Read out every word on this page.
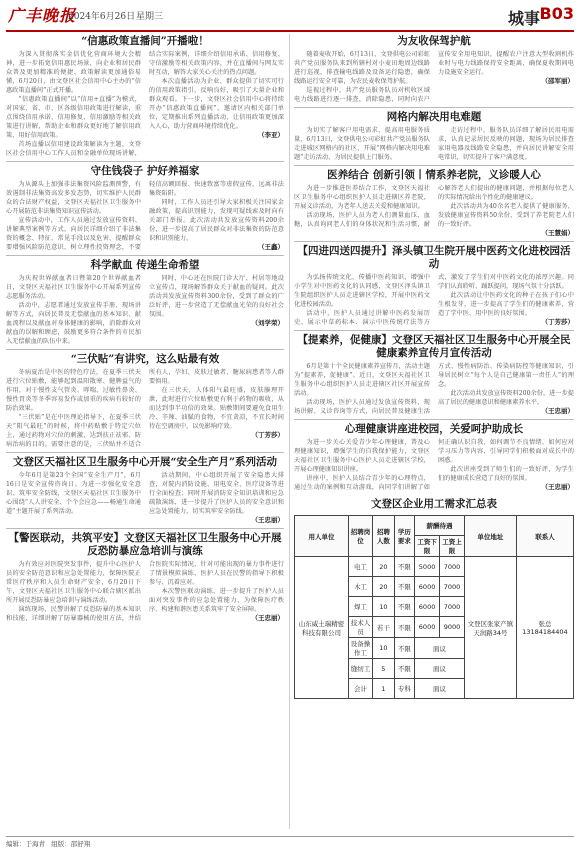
广丰晚报
2024年6月26日 星期三	城事 B03
“信惠政策直播间”开播啦！

为深入贯彻落实金信优化营商环境大会精神，进一步拓宽信用惠民场景，向企业和居民群众普及更加精准的便捷、政策解读更加通俗易懂，6月20日，由文登区社会信用中心主办的“信惠政策直播间”正式开播。

“信惠政策直播间”以“信用+直播”为模式，对国家、省、市、区各级信用政策进行解读，重点围绕信用承诺、信用修复、信用激励等相关政策进行讲解，帮助企业和群众更好地了解信用政策、用好信用政策。

首场直播以信用建设政策解读为主题，文登区社会信用中心工作人员和金融单位现场讲解，结合实际案例，详细介绍信用承诺、信用修复、守信激励等相关政策内容，并在直播间与网友实时互动，解答大家关心关注的热点问题。

本次直播活动为企业、群众提供了切实可行的信用政策指引，反响良好，吸引了大量企业和群众观看。下一步，文登区社会信用中心将持续开办“信惠政策直播间”，邀请区内相关部门单位，定期推出系列直播活动，让信用政策更加深入人心，助力营商环境持续优化。

（李亚）
守住钱袋子 护好养福家

为从源头上加强非法集资风险监测预警，有效遏制非法集资高发多发态势，切实维护人民群众的合法财产权益，文登区天福社区卫生服务中心开展防范非法集资知识宣传活动。

宣传活动中，工作人员通过发放宣传资料、讲解典型案例等方式，向居民详细介绍了非法集资的概念、特征、常见手段以及危害，提醒群众要增强风险防范意识，树立理性投资理念，不要轻信高额回报、快速致富等虚假宣传，远离非法集资陷阱。

同时，工作人员还引导大家积极关注国家金融政策，提高识别能力，发现可疑线索及时向有关部门举报。此次活动共发放宣传资料200余份，进一步提高了居民群众对非法集资的防范意识和识别能力。

（王鑫）
科学献血 传递生命希望

为庆祝世界献血者日暨第20个世界献血者日，文登区天福社区卫生服务中心开展系列宣传志愿服务活动。

活动中，志愿者通过发放宣传手册、现场讲解等方式，向居民普及无偿献血的基本知识、献血流程以及献血对身体健康的影响，消除群众对献血的误解和顾虑，鼓励更多符合条件的市民加入无偿献血的队伍中来。

同时，中心还在医院门诊大厅、村居等地设立宣传点，现场解答群众关于献血的疑问。此次活动共发放宣传资料300余份，受到了群众的广泛好评，进一步营造了无偿献血光荣的良好社会氛围。

（刘学荣）
“三伏贴”有讲究，这么贴最有效

冬病夏治是中医的特色疗法，在夏季三伏天进行穴位贴敷，能够起到温阳散寒、健脾益气的作用，对于慢性支气管炎、哮喘、过敏性鼻炎、慢性胃炎等冬季容易发作或加重的疾病有较好的防治效果。

“三伏贴”是在中医理论指导下，在夏季三伏天“阳气最旺”的时候，将中药贴敷于特定穴位上，通过药物对穴位的刺激，达到扶正祛邪、防病治病的目的。需要注意的是，三伏贴并不适合所有人，孕妇、皮肤过敏者、糖尿病患者等人群要慎用。

在三伏天，人体阳气最旺盛，皮肤腠理开泄，此时进行穴位贴敷更有利于药物的吸收，从而达到事半功倍的效果。贴敷期间要避免食用生冷、辛辣、油腻的食物，不宜贪凉，不宜长时间待在空调房中，以免影响疗效。

（丁芳莎）
文登区天福社区卫生服务中心开展“安全生产月”系列活动

今年6月是第23个全国“安全生产月”，6月16日是安全宣传咨询日。为进一步强化安全意识、筑牢安全防线，文登区天福社区卫生服务中心围绕“人人讲安全、个个会应急——畅通生命通道”主题开展了系列活动。

活动期间，中心组织开展了安全隐患大排查，对院内消防设施、用电安全、医疗设备等进行全面检查；同时开展消防安全知识培训和应急疏散演练，进一步提升了医护人员的安全意识和应急处置能力，切实筑牢安全防线。

（王忠丽）
【警医联动，共筑平安】文登区天福社区卫生服务中心开展反恐防暴应急培训与演练

为有效应对医院突发事件，提升中心医护人员的安全防范意识和应急处置能力，保障医院正常医疗秩序和人员生命财产安全，6月20日下午，文登区天福社区卫生服务中心联合辖区派出所开展反恐防暴应急培训与演练活动。

演练现场，民警讲解了反恐防暴的基本知识和技能，详细讲解了防暴器械的使用方法，并结合医院实际情况，针对可能出现的暴力事件进行了情景模拟演练，医护人员在民警的指导下积极参与、沉着应对。

本次警医联动演练，进一步提升了医护人员面对突发事件的应急处置能力，为保障医疗秩序、构建和谐医患关系筑牢了安全屏障。

（王忠丽）
为友收保驾护航

随着麦收开始，6月13日，文登供电公司彩虹共产党员服务队来到所辖村对小麦田地周边线路进行巡视，排查输电线路及设备运行隐患，确保线路运行安全可靠，为农民麦收保驾护航。

巡视过程中，共产党员服务队员对机收区域电力线路进行逐一排查，消除隐患，同时向农户宣传安全用电知识，提醒农户注意大型收割机作业时与电力线路保持安全距离，确保夏收期间电力设施安全运行。

（邵军丽）
网格内解决用电难题

为切实了解客户用电需求、提高用电服务质量，6月13日，文登供电公司彩虹共产党员服务队走进城区网格内的社区，开展“网格内解决用电难题”走访活动，为居民提供上门服务。

走访过程中，服务队员详细了解居民用电需求，认真记录居民反映的问题，现场为居民排查家用电器及线路安全隐患，并向居民讲解安全用电常识，切实提升了客户满意度。

医养结合 创新引领丨情系养老院，义诊暖人心

为进一步推进医养结合工作，文登区天福社区卫生服务中心组织医护人员走进辖区养老院，开展义诊活动，为老年人送去关爱和健康知识。

活动现场，医护人员为老人们测量血压、血糖，认真询问老人们的身体状况和生活习惯，耐心解答老人们提出的健康问题，并根据每位老人的实际情况给出个性化的健康建议。

此次活动共为40余名老人提供了健康服务，发放健康宣传资料50余份，受到了养老院老人们的一致好评。

（王慧娟）
【四进四送四提升】泽头镇卫生院开展中医药文化进校园活动

为弘扬传统文化，传播中医药知识，增强中小学生对中医药文化的认同感，文登区泽头镇卫生院组织医护人员走进辖区学校，开展中医药文化进校园活动。

活动中，医护人员通过讲解中医药发展历史、展示中草药标本、演示中医传统疗法等方式，激发了学生们对中医药文化的浓厚兴趣。同学们认真聆听、踊跃提问，现场气氛十分活跃。

此次活动让中医药文化的种子在孩子们心中生根发芽，进一步提高了学生们的健康素养，营造了学中医、用中医的良好氛围。

（丁芳莎）
【提素养，促健康】文登区天福社区卫生服务中心开展全民健康素养宣传月宣传活动

6月是第十个全民健康素养宣传月，活动主题为“提素养，促健康”。近日，文登区天福社区卫生服务中心组织医护人员走进辖区社区开展宣传活动。

活动现场，医护人员通过发放宣传资料、现场讲解、义诊咨询等方式，向居民普及健康生活方式、慢性病防治、传染病防控等健康知识，引导居民树立“每个人是自己健康第一责任人”的理念。

此次活动共发放宣传资料200余份，进一步提高了居民的健康意识和健康素养水平。

（王忠丽）
心理健康讲座进校园，关爱呵护助成长

为进一步关心关爱青少年心理健康，普及心理健康知识，增强学生的自我保护能力，文登区天福社区卫生服务中心医护人员走进辖区学校，开展心理健康知识讲座。

讲座中，医护人员结合青少年的心理特点，通过生动的案例和互动游戏，向同学们讲解了如何正确认识自我、如何调节不良情绪、如何应对学习压力等内容，引导同学们积极面对成长中的困惑。

此次讲座受到了师生们的一致好评，为学生们的健康成长营造了良好的氛围。

（王忠丽）
文登区企业用工需求汇总表
用人单位	招聘岗位	招聘人数	学历要求	薪酬待遇		单位地址	联系人
				工资下限	工资上限		
山东威土瑞精密科技有限公司	电工	20	不限	5000	7000	文登区张家产镇天润路34号	张总 13184184404
	木工	20	不限	6000	7000		
	焊工	10	不限	6000	7000		
	技术人员	若干	不限	6000	9000		
	设备操作工	10	不限	面议			
	缝纫工	5	不限	面议			
	会计	1	专科	面议			
编辑：于海青 组版：邵舒翔
